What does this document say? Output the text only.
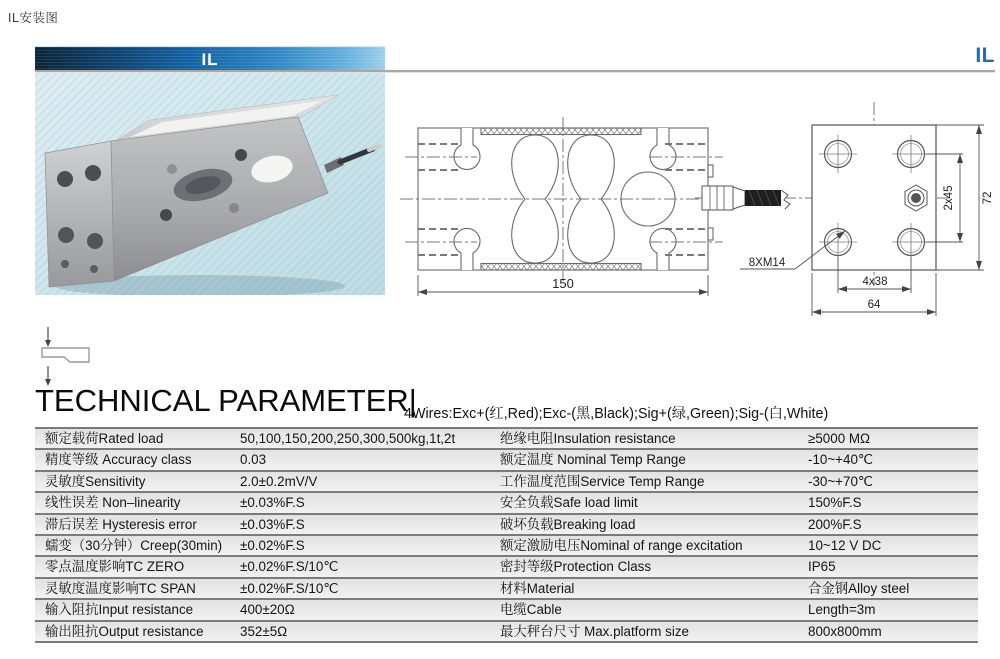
IL安装图
IL	IL
150
2x45 72
4x38
64
8XM14
TECHNICAL PARAMETER|
4Wires:Exc+(红,Red);Exc-(黑,Black);Sig+(绿,Green);Sig-(白,White)
额定载荷Rated load	50,100,150,200,250,300,500kg,1t,2t	绝缘电阻Insulation resistance	≥5000 MΩ
精度等级 Accuracy class	0.03	额定温度 Nominal Temp Range	-10~+40℃
灵敏度Sensitivity	2.0±0.2mV/V	工作温度范围Service Temp Range	-30~+70℃
线性误差 Non–linearity	±0.03%F.S	安全负载Safe load limit	150%F.S
滞后误差 Hysteresis error	±0.03%F.S	破坏负载Breaking load	200%F.S
蠕变（30分钟）Creep(30min)	±0.02%F.S	额定激励电压Nominal of range excitation	10~12 V DC
零点温度影响TC ZERO	±0.02%F.S/10℃	密封等级Protection Class	IP65
灵敏度温度影响TC SPAN	±0.02%F.S/10℃	材料Material	合金钢Alloy steel
输入阻抗Input resistance	400±20Ω	电缆Cable	Length=3m
输出阻抗Output resistance	352±5Ω	最大秤台尺寸 Max.platform size	800x800mm
